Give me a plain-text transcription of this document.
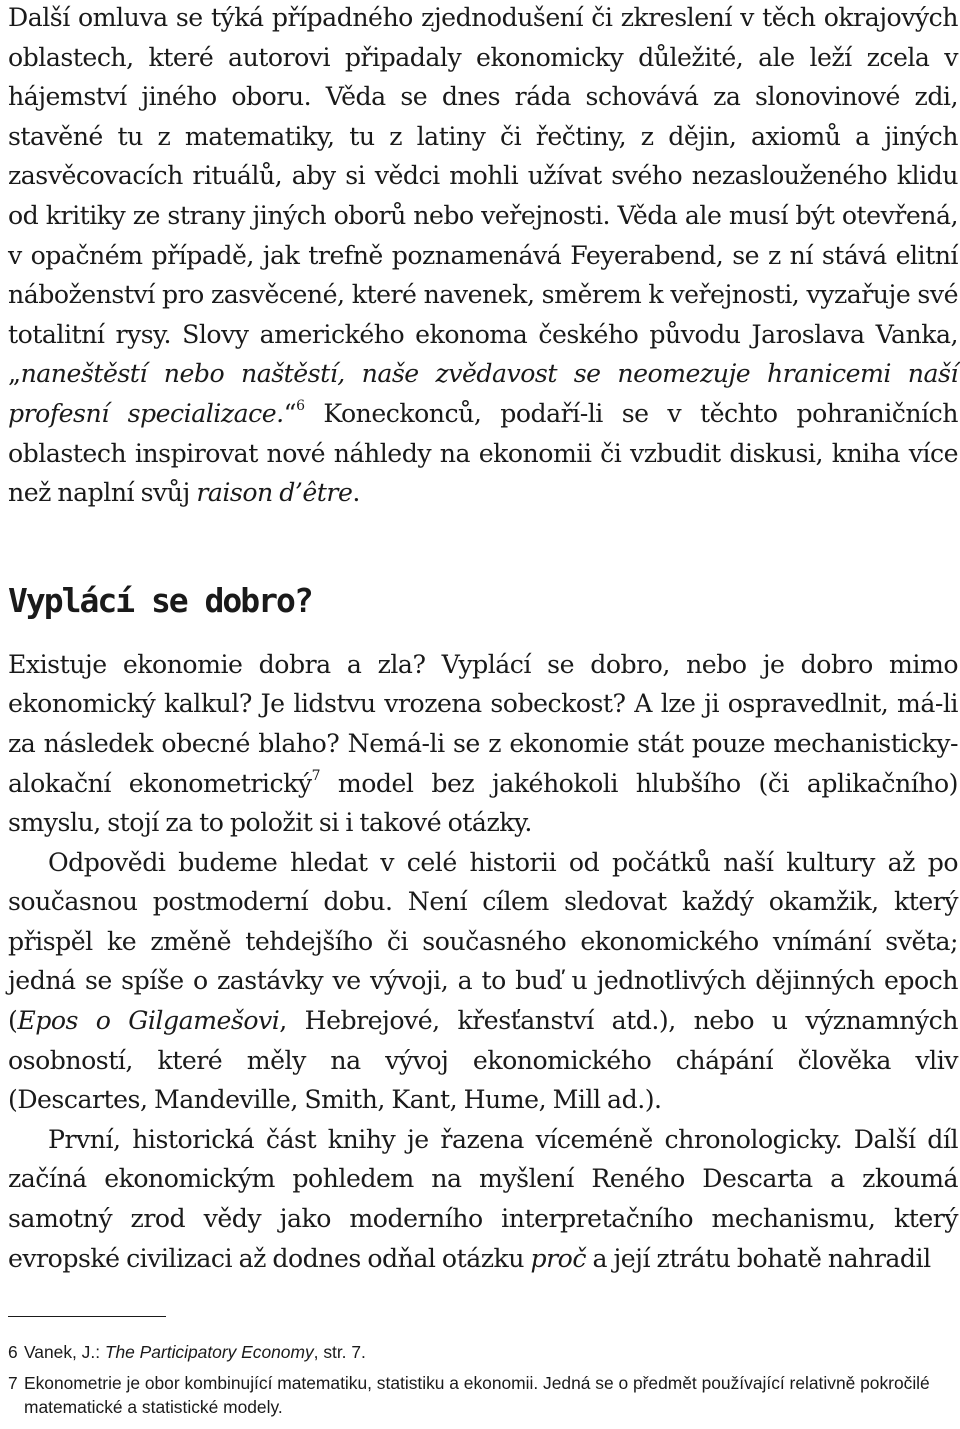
Další omluva se týká případného zjednodušení či zkreslení v těch okrajových oblastech, které autorovi připadaly ekonomicky důležité, ale leží zcela v hájemství jiného oboru. Věda se dnes ráda schovává za slonovinové zdi, stavěné tu z matematiky, tu z latiny či řečtiny, z dějin, axiomů a jiných zasvěcovacích rituálů, aby si vědci mohli užívat svého nezaslouženého klidu od kritiky ze strany jiných oborů nebo veřejnosti. Věda ale musí být otevřená, v opačném případě, jak trefně poznamenává Feyerabend, se z ní stává elitní náboženství pro zasvěcené, které navenek, směrem k veřejnosti, vyzařuje své totalitní rysy. Slovy amerického ekonoma českého původu Jaroslava Vanka, „naneštěstí nebo naštěstí, naše zvědavost se neomezuje hranicemi naší profesní specializace.“$^6$ Koneckonců, podaří-li se v těchto pohraničních oblastech inspirovat nové náhledy na ekonomii či vzbudit diskusi, kniha více než naplní svůj raison d’être.

Vyplácí se dobro?

Existuje ekonomie dobra a zla? Vyplácí se dobro, nebo je dobro mimo ekonomický kalkul? Je lidstvu vrozena sobeckost? A lze ji ospravedlnit, má-li za následek obecné blaho? Nemá-li se z ekonomie stát pouze mechanisticky-alokační ekonometrický$^7$ model bez jakéhokoli hlubšího (či aplikačního) smyslu, stojí za to položit si i takové otázky.

Odpovědi budeme hledat v celé historii od počátků naší kultury až po současnou postmoderní dobu. Není cílem sledovat každý okamžik, který přispěl ke změně tehdejšího či současného ekonomického vnímání světa; jedná se spíše o zastávky ve vývoji, a to buď u jednotlivých dějinných epoch (Epos o Gilgamešovi, Hebrejové, křesťanství atd.), nebo u významných osobností, které měly na vývoj ekonomického chápání člověka vliv (Descartes, Mandeville, Smith, Kant, Hume, Mill ad.).

První, historická část knihy je řazena víceméně chronologicky. Další díl začíná ekonomickým pohledem na myšlení Reného Descarta a zkoumá samotný zrod vědy jako moderního interpretačního mechanismu, který evropské civilizaci až dodnes odňal otázku proč a její ztrátu bohatě nahradil

6 Vanek, J.: The Participatory Economy, str. 7.

7 Ekonometrie je obor kombinující matematiku, statistiku a ekonomii. Jedná se o předmět používající relativně pokročilé matematické a statistické modely.
